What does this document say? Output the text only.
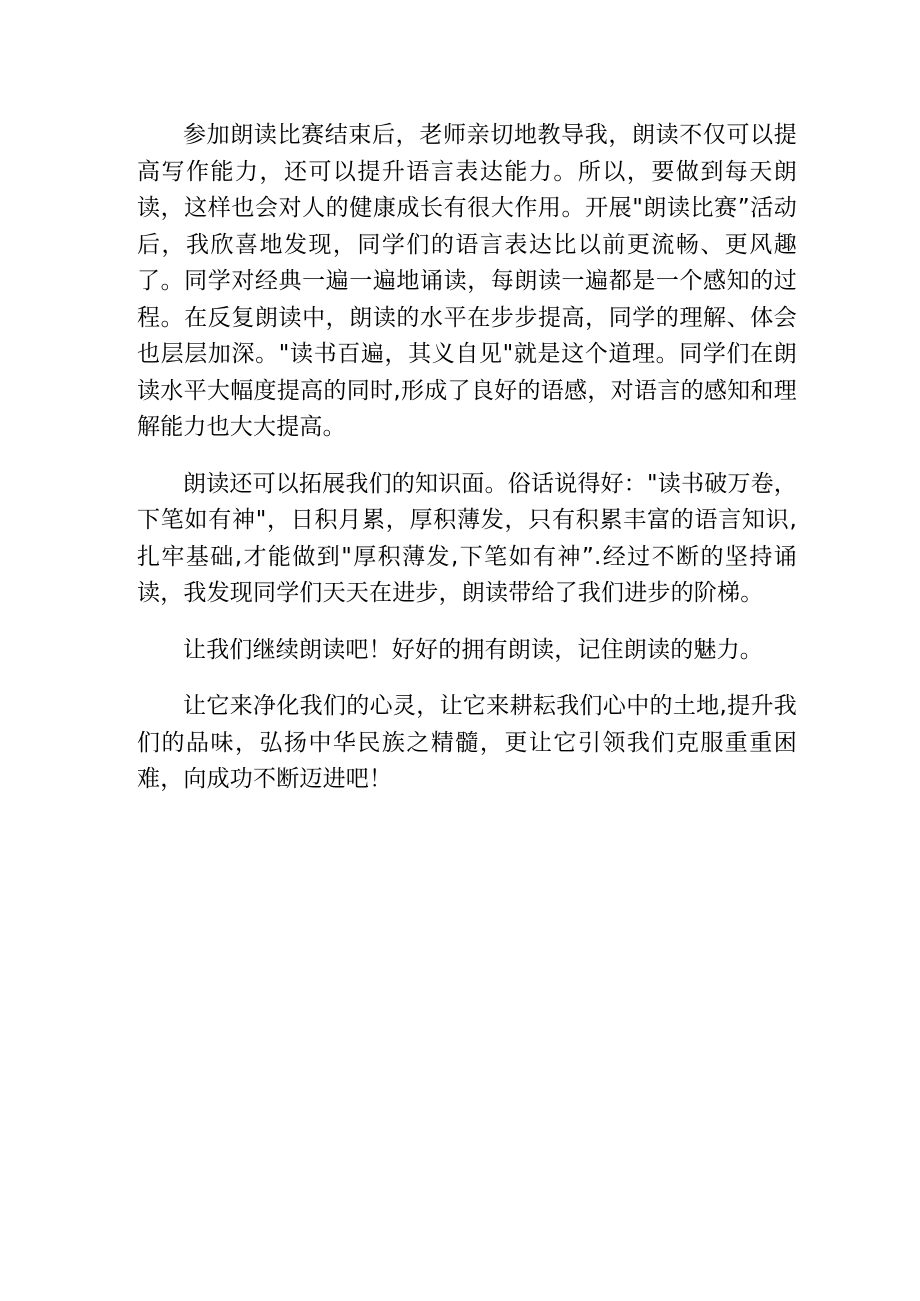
参加朗读比赛结束后，老师亲切地教导我，朗读不仅可以提高写作能力，还可以提升语言表达能力。所以，要做到每天朗读，这样也会对人的健康成长有很大作用。开展"朗读比赛”活动后，我欣喜地发现，同学们的语言表达比以前更流畅、更风趣了。同学对经典一遍一遍地诵读，每朗读一遍都是一个感知的过程。在反复朗读中，朗读的水平在步步提高，同学的理解、体会也层层加深。"读书百遍，其义自见"就是这个道理。同学们在朗读水平大幅度提高的同时,形成了良好的语感，对语言的感知和理解能力也大大提高。

朗读还可以拓展我们的知识面。俗话说得好："读书破万卷，下笔如有神"，日积月累，厚积薄发，只有积累丰富的语言知识,扎牢基础,才能做到"厚积薄发,下笔如有神”.经过不断的坚持诵读，我发现同学们天天在进步，朗读带给了我们进步的阶梯。

让我们继续朗读吧！好好的拥有朗读，记住朗读的魅力。

让它来净化我们的心灵，让它来耕耘我们心中的土地,提升我们的品味，弘扬中华民族之精髓，更让它引领我们克服重重困难，向成功不断迈进吧！
